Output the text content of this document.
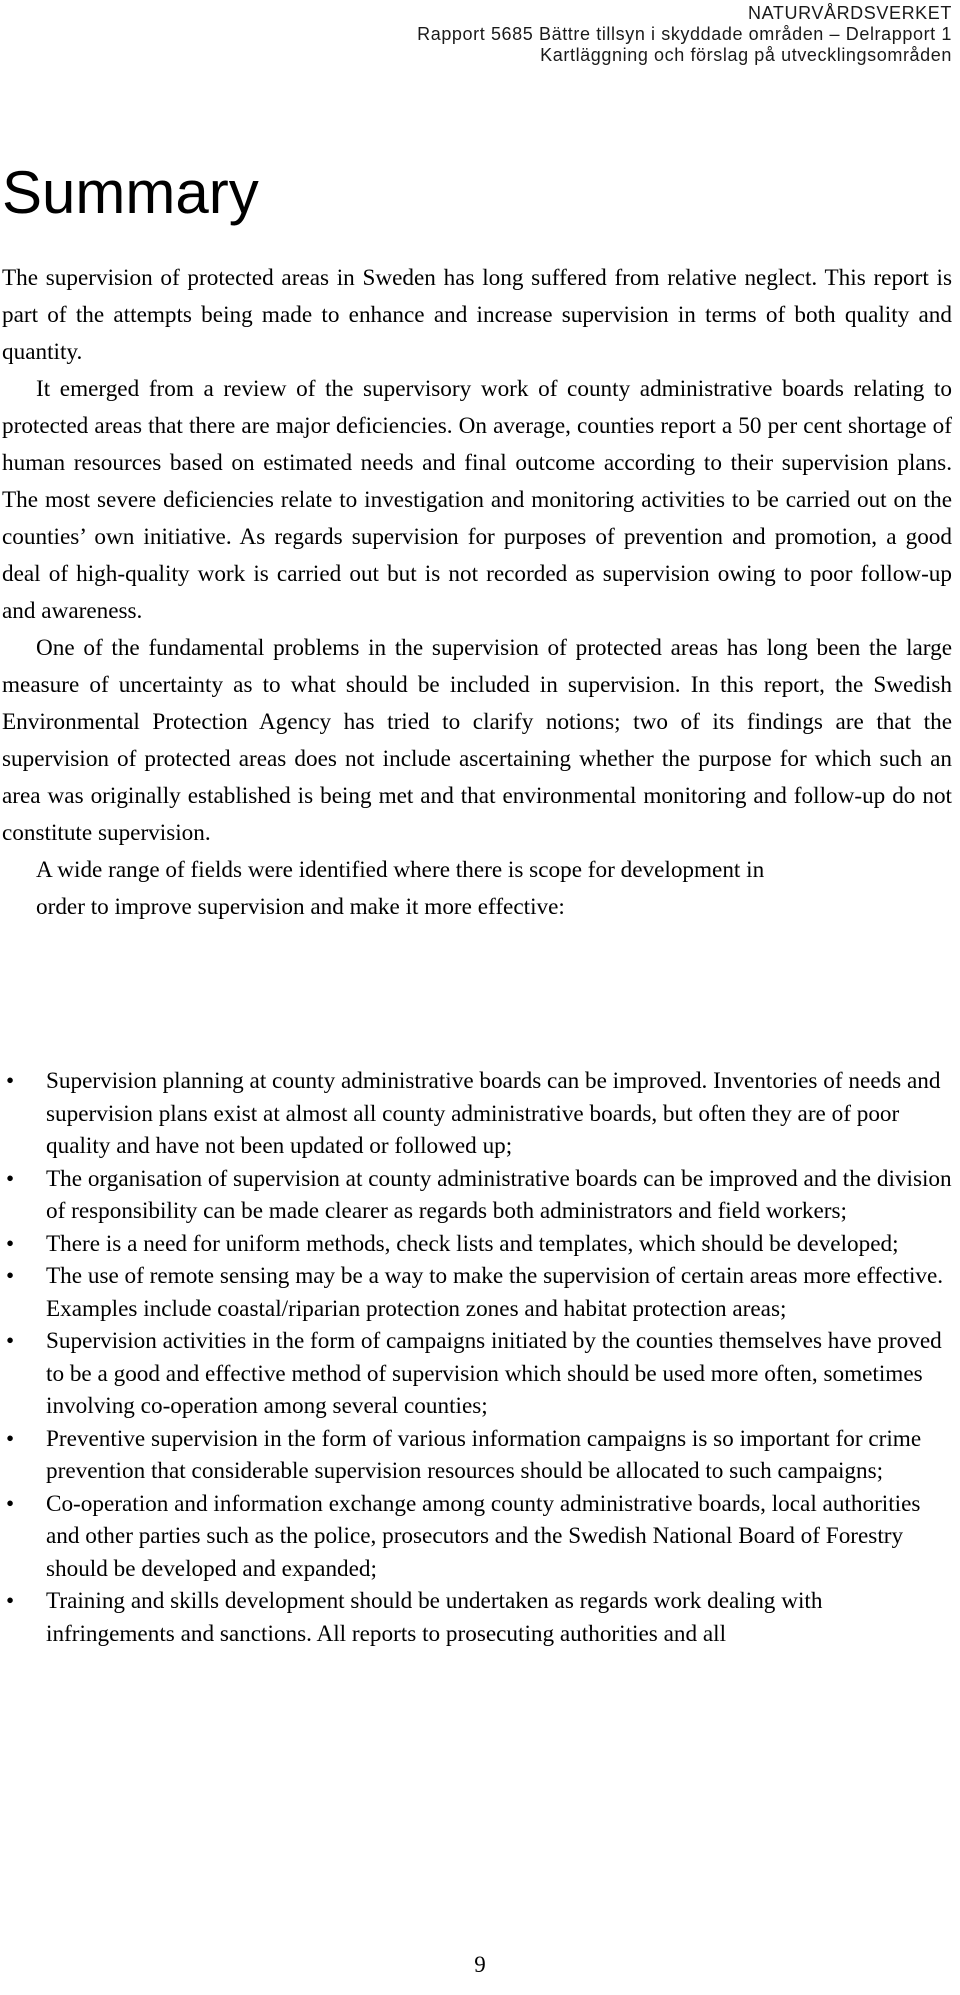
NATURVÅRDSVERKET
Rapport 5685 Bättre tillsyn i skyddade områden – Delrapport 1
Kartläggning och förslag på utvecklingsområden
Summary

The supervision of protected areas in Sweden has long suffered from relative neglect. This report is part of the attempts being made to enhance and increase supervision in terms of both quality and quantity.

It emerged from a review of the supervisory work of county administrative boards relating to protected areas that there are major deficiencies. On average, counties report a 50 per cent shortage of human resources based on estimated needs and final outcome according to their supervision plans. The most severe deficiencies relate to investigation and monitoring activities to be carried out on the counties’ own initiative. As regards supervision for purposes of prevention and promotion, a good deal of high-quality work is carried out but is not recorded as supervision owing to poor follow-up and awareness.

One of the fundamental problems in the supervision of protected areas has long been the large measure of uncertainty as to what should be included in supervision. In this report, the Swedish Environmental Protection Agency has tried to clarify notions; two of its findings are that the supervision of protected areas does not include ascertaining whether the purpose for which such an area was originally established is being met and that environmental monitoring and follow-up do not constitute supervision.

A wide range of fields were identified where there is scope for development in order to improve supervision and make it more effective:

• Supervision planning at county administrative boards can be improved. Inventories of needs and supervision plans exist at almost all county administrative boards, but often they are of poor quality and have not been updated or followed up;
• The organisation of supervision at county administrative boards can be improved and the division of responsibility can be made clearer as regards both administrators and field workers;
• There is a need for uniform methods, check lists and templates, which should be developed;
• The use of remote sensing may be a way to make the supervision of certain areas more effective. Examples include coastal/riparian protection zones and habitat protection areas;
• Supervision activities in the form of campaigns initiated by the counties themselves have proved to be a good and effective method of supervision which should be used more often, sometimes involving co-operation among several counties;
• Preventive supervision in the form of various information campaigns is so important for crime prevention that considerable supervision resources should be allocated to such campaigns;
• Co-operation and information exchange among county administrative boards, local authorities and other parties such as the police, prosecutors and the Swedish National Board of Forestry should be developed and expanded;
• Training and skills development should be undertaken as regards work dealing with infringements and sanctions. All reports to prosecuting authorities and all
9
